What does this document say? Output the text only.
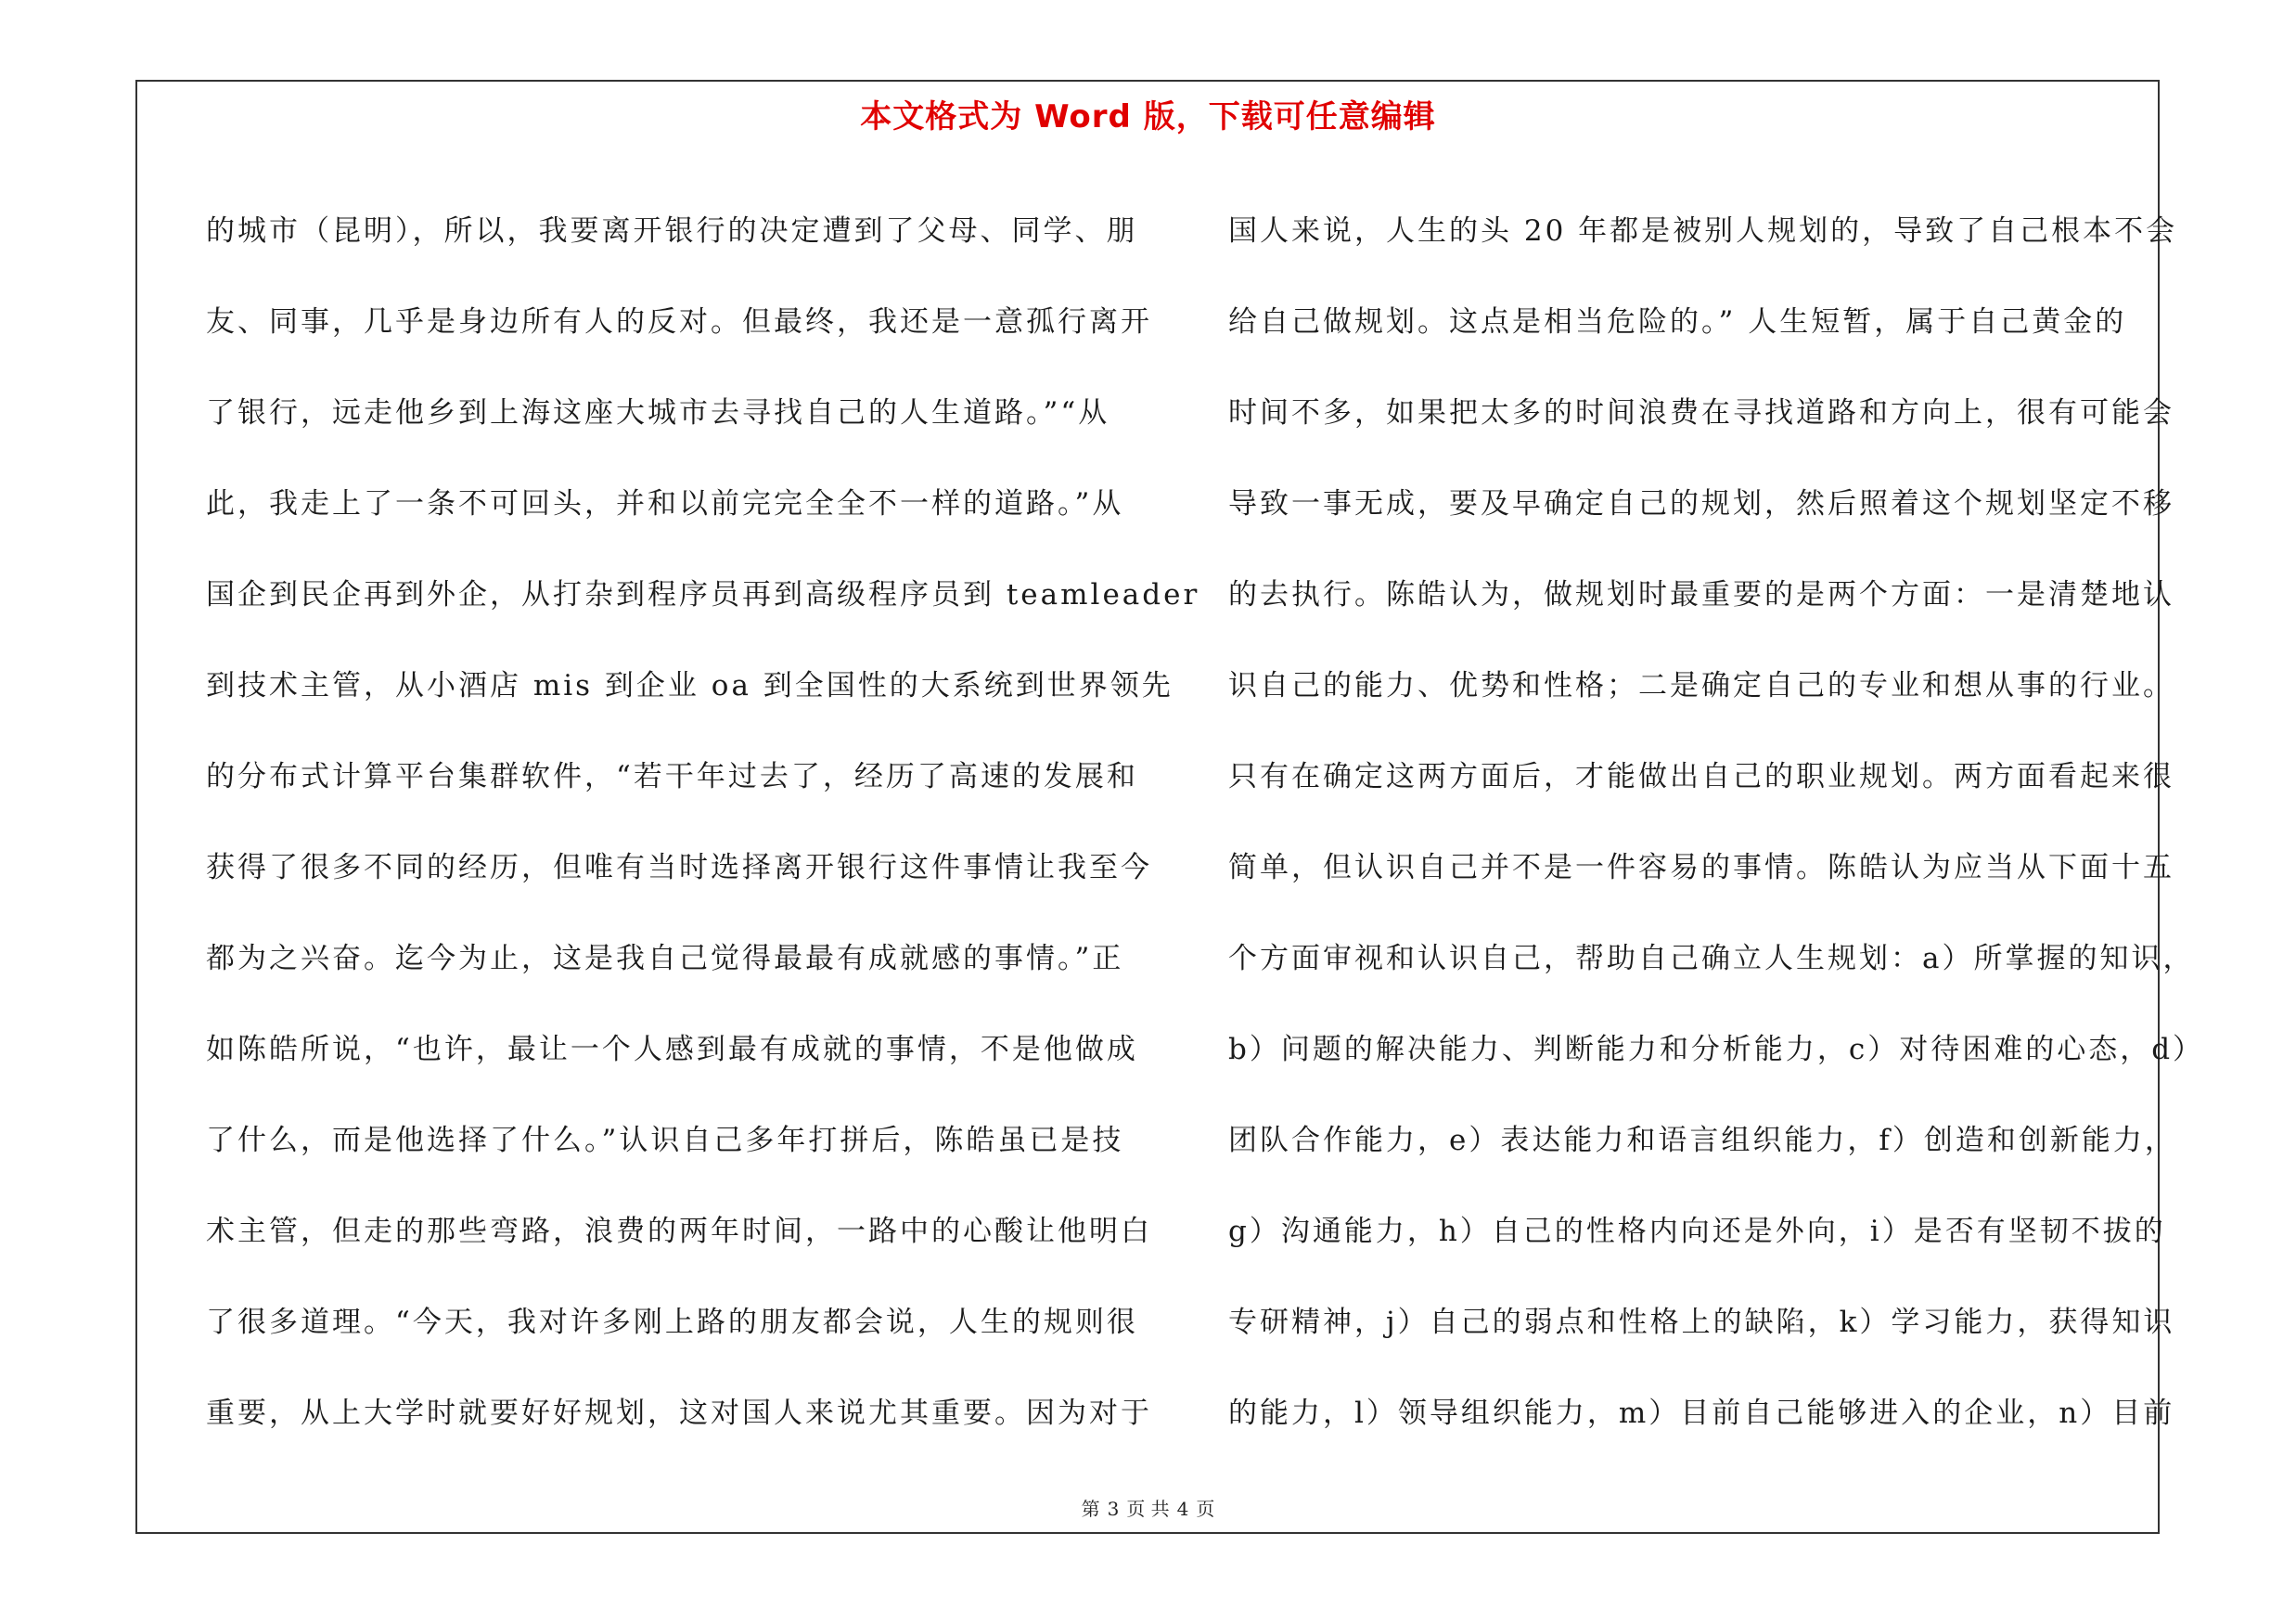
本文格式为 Word 版，下载可任意编辑
的城市（昆明），所以，我要离开银行的决定遭到了父母、同学、朋
友、同事，几乎是身边所有人的反对。但最终，我还是一意孤行离开
了银行，远走他乡到上海这座大城市去寻找自己的人生道路。”“从
此，我走上了一条不可回头，并和以前完完全全不一样的道路。”从
国企到民企再到外企，从打杂到程序员再到高级程序员到 teamleader
到技术主管，从小酒店 mis 到企业 oa 到全国性的大系统到世界领先
的分布式计算平台集群软件，“若干年过去了，经历了高速的发展和
获得了很多不同的经历，但唯有当时选择离开银行这件事情让我至今
都为之兴奋。迄今为止，这是我自己觉得最最有成就感的事情。”正
如陈皓所说，“也许，最让一个人感到最有成就的事情，不是他做成
了什么，而是他选择了什么。”认识自己多年打拼后，陈皓虽已是技
术主管，但走的那些弯路，浪费的两年时间，一路中的心酸让他明白
了很多道理。“今天，我对许多刚上路的朋友都会说，人生的规则很
重要，从上大学时就要好好规划，这对国人来说尤其重要。因为对于
国人来说，人生的头 20 年都是被别人规划的，导致了自己根本不会
给自己做规划。这点是相当危险的。” 人生短暂，属于自己黄金的
时间不多，如果把太多的时间浪费在寻找道路和方向上，很有可能会
导致一事无成，要及早确定自己的规划，然后照着这个规划坚定不移
的去执行。陈皓认为，做规划时最重要的是两个方面：一是清楚地认
识自己的能力、优势和性格；二是确定自己的专业和想从事的行业。
只有在确定这两方面后，才能做出自己的职业规划。两方面看起来很
简单，但认识自己并不是一件容易的事情。陈皓认为应当从下面十五
个方面审视和认识自己，帮助自己确立人生规划：a）所掌握的知识，
b）问题的解决能力、判断能力和分析能力，c）对待困难的心态，d）
团队合作能力，e）表达能力和语言组织能力，f）创造和创新能力，
g）沟通能力，h）自己的性格内向还是外向，i）是否有坚韧不拔的
专研精神，j）自己的弱点和性格上的缺陷，k）学习能力，获得知识
的能力，l）领导组织能力，m）目前自己能够进入的企业，n）目前
第 3 页 共 4 页
